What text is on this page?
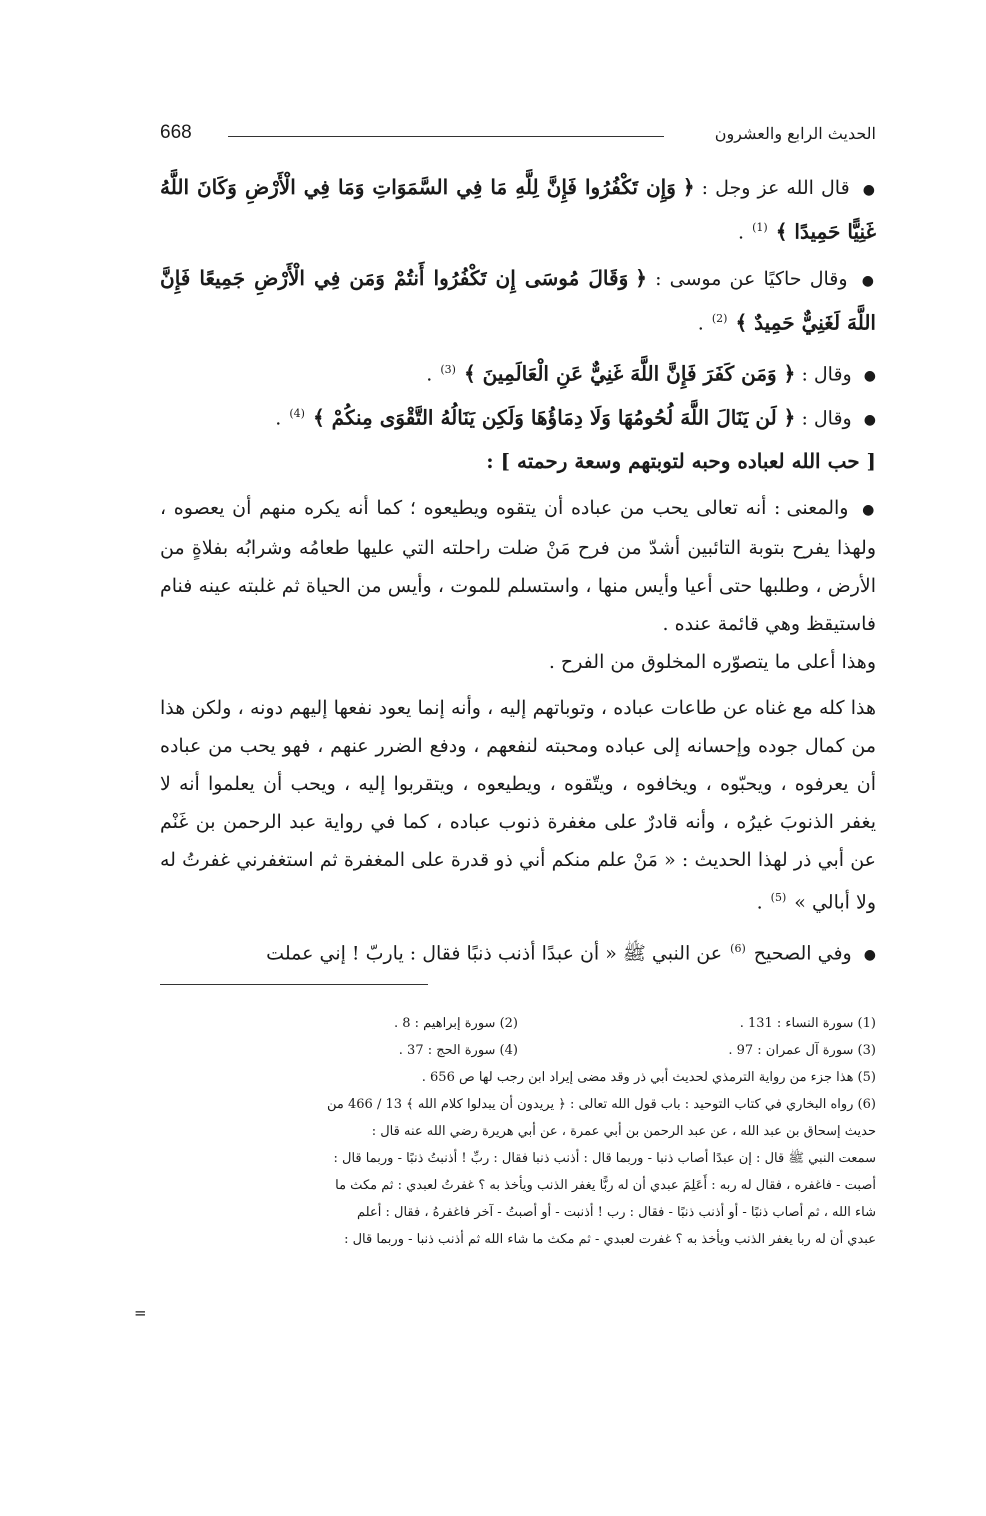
668	الحديث الرابع والعشرون

● قال الله عز وجل : ﴿ وَإِن تَكْفُرُوا فَإِنَّ لِلَّهِ مَا فِي السَّمَوَاتِ وَمَا فِي الْأَرْضِ وَكَانَ اللَّهُ غَنِيًّا حَمِيدًا ﴾ $^{(1)}$ .

● وقال حاكيًا عن موسى : ﴿ وَقَالَ مُوسَى إِن تَكْفُرُوا أَنتُمْ وَمَن فِي الْأَرْضِ جَمِيعًا فَإِنَّ اللَّهَ لَغَنِيٌّ حَمِيدٌ ﴾ $^{(2)}$ .

● وقال : ﴿ وَمَن كَفَرَ فَإِنَّ اللَّهَ غَنِيٌّ عَنِ الْعَالَمِينَ ﴾ $^{(3)}$ .

● وقال : ﴿ لَن يَنَالَ اللَّهَ لُحُومُهَا وَلَا دِمَاؤُهَا وَلَكِن يَنَالُهُ التَّقْوَى مِنكُمْ ﴾ $^{(4)}$ .

[ حب الله لعباده وحبه لتوبتهم وسعة رحمته ] :

● والمعنى : أنه تعالى يحب من عباده أن يتقوه ويطيعوه ؛ كما أنه يكره منهم أن يعصوه ، ولهذا يفرح بتوبة التائبين أشدّ من فرح مَنْ ضلت راحلته التي عليها طعامُه وشرابُه بفلاةٍ من الأرض ، وطلبها حتى أعيا وأيس منها ، واستسلم للموت ، وأيس من الحياة ثم غلبته عينه فنام فاستيقظ وهي قائمة عنده .

وهذا أعلى ما يتصوّره المخلوق من الفرح .

هذا كله مع غناه عن طاعات عباده ، وتوباتهم إليه ، وأنه إنما يعود نفعها إليهم دونه ، ولكن هذا من كمال جوده وإحسانه إلى عباده ومحبته لنفعهم ، ودفع الضرر عنهم ، فهو يحب من عباده أن يعرفوه ، ويحبّوه ، ويخافوه ، ويتّقوه ، ويطيعوه ، ويتقربوا إليه ، ويحب أن يعلموا أنه لا يغفر الذنوبَ غيرُه ، وأنه قادرٌ على مغفرة ذنوب عباده ، كما في رواية عبد الرحمن بن غَنْم عن أبي ذر لهذا الحديث : « مَنْ علم منكم أني ذو قدرة على المغفرة ثم استغفرني غفرتُ له ولا أبالي » $^{(5)}$ .

● وفي الصحيح $^{(6)}$ عن النبي ﷺ « أن عبدًا أذنب ذنبًا فقال : ياربّ ! إني عملت

(1) سورة النساء : 131 .
(2) سورة إبراهيم : 8 .
(3) سورة آل عمران : 97 .
(4) سورة الحج : 37 .

(5) هذا جزء من رواية الترمذي لحديث أبي ذر وقد مضى إيراد ابن رجب لها ص 656 .

(6) رواه البخاري في كتاب التوحيد : باب قول الله تعالى : ﴿ يريدون أن يبدلوا كلام الله ﴾ 13 / 466 من

حديث إسحاق بن عبد الله ، عن عبد الرحمن بن أبي عمرة ، عن أبي هريرة رضي الله عنه قال :

سمعت النبي ﷺ قال : إن عبدًا أصاب ذنبا - وربما قال : أذنب ذنبا فقال : ربِّ ! أذنبتُ ذنبًا - وربما قال :

أصبت - فاغفره ، فقال له ربه : أَعَلِمَ عبدي أن له ربًّا يغفر الذنب ويأخذ به ؟ غفرتُ لعبدي : ثم مكث ما

شاء الله ، ثم أصاب ذنبًا - أو أذنب ذنبًا - فقال : رب ! أذنبت - أو أصبتُ - آخر فاغفرهُ ، فقال : أعلم

عبدي أن له ربا يغفر الذنب ويأخذ به ؟ غفرت لعبدي - ثم مكث ما شاء الله ثم أذنب ذنبا - وربما قال :

=
